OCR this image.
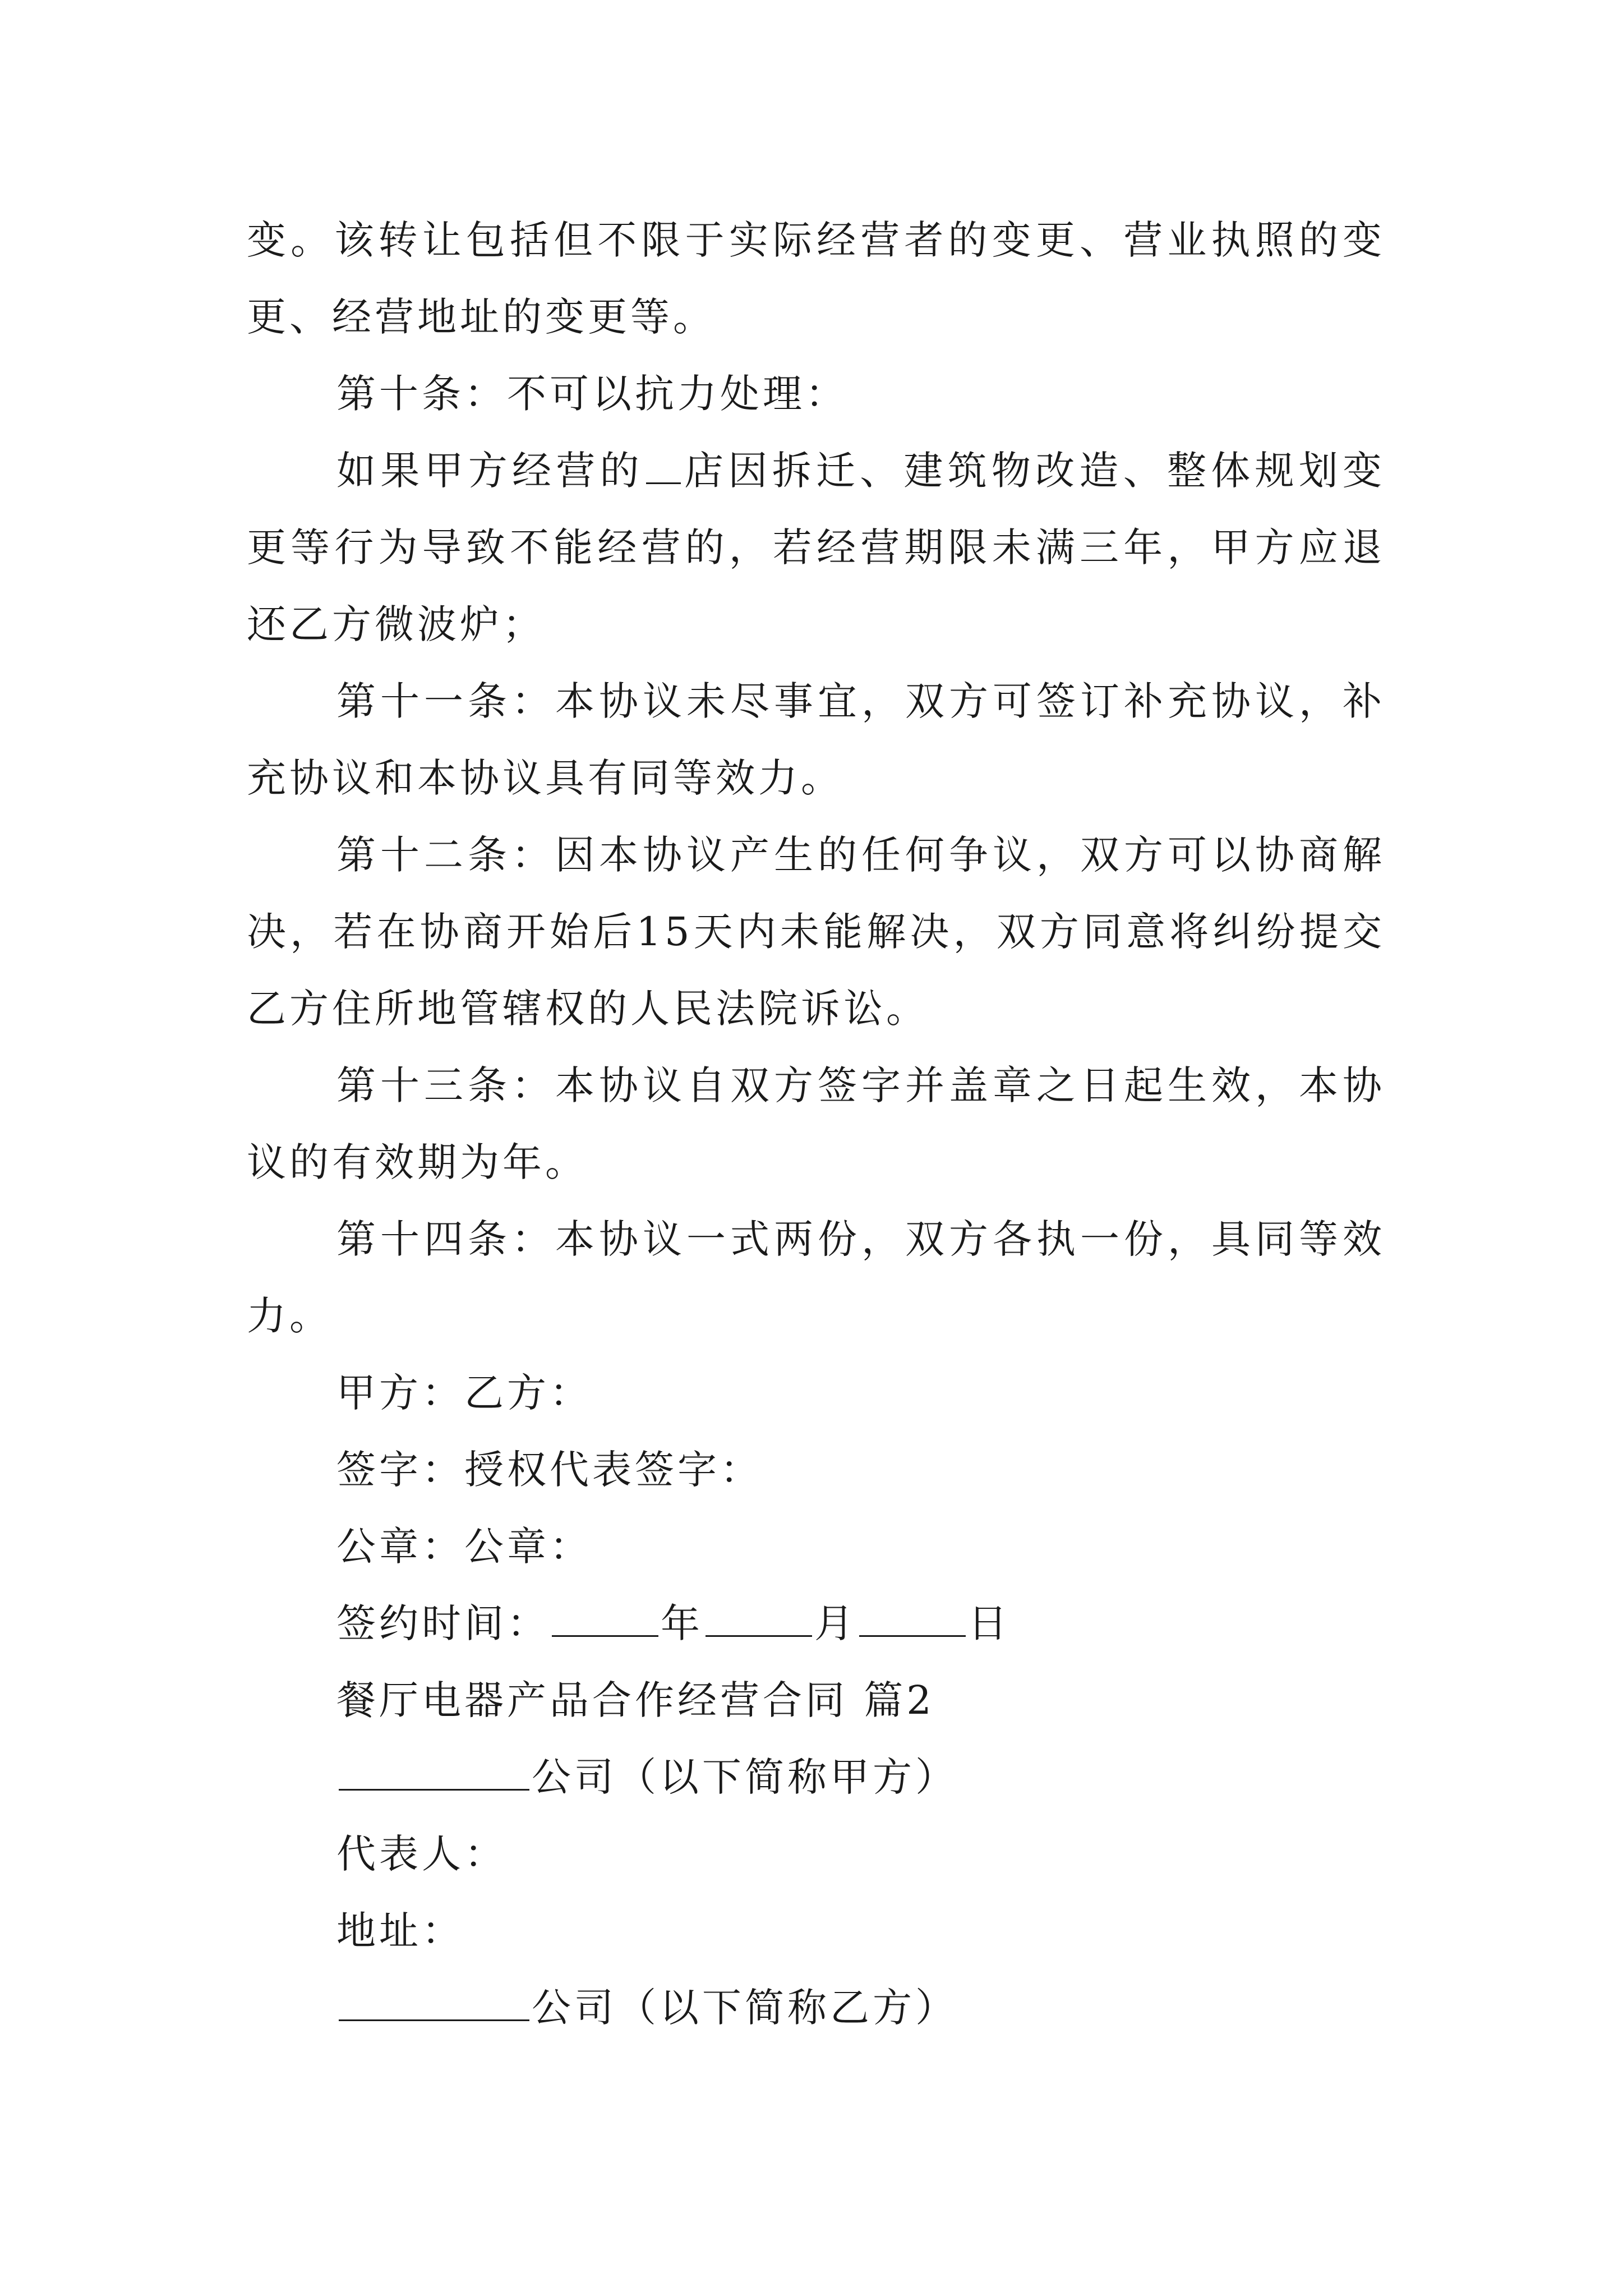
变。该转让包括但不限于实际经营者的变更、营业执照的变更、经营地址的变更等。

第十条：不可以抗力处理：

如果甲方经营的 店因拆迁、建筑物改造、整体规划变更等行为导致不能经营的，若经营期限未满三年，甲方应退还乙方微波炉；

第十一条：本协议未尽事宜，双方可签订补充协议，补充协议和本协议具有同等效力。

第十二条：因本协议产生的任何争议，双方可以协商解决，若在协商开始后15天内未能解决，双方同意将纠纷提交乙方住所地管辖权的人民法院诉讼。

第十三条：本协议自双方签字并盖章之日起生效，本协议的有效期为年。

第十四条：本协议一式两份，双方各执一份，具同等效力。

甲方：乙方：

签字：授权代表签字：

公章：公章：

签约时间：	年	月	日

餐厅电器产品合作经营合同 篇2

公司（以下简称甲方）

代表人：

地址：

公司（以下简称乙方）
